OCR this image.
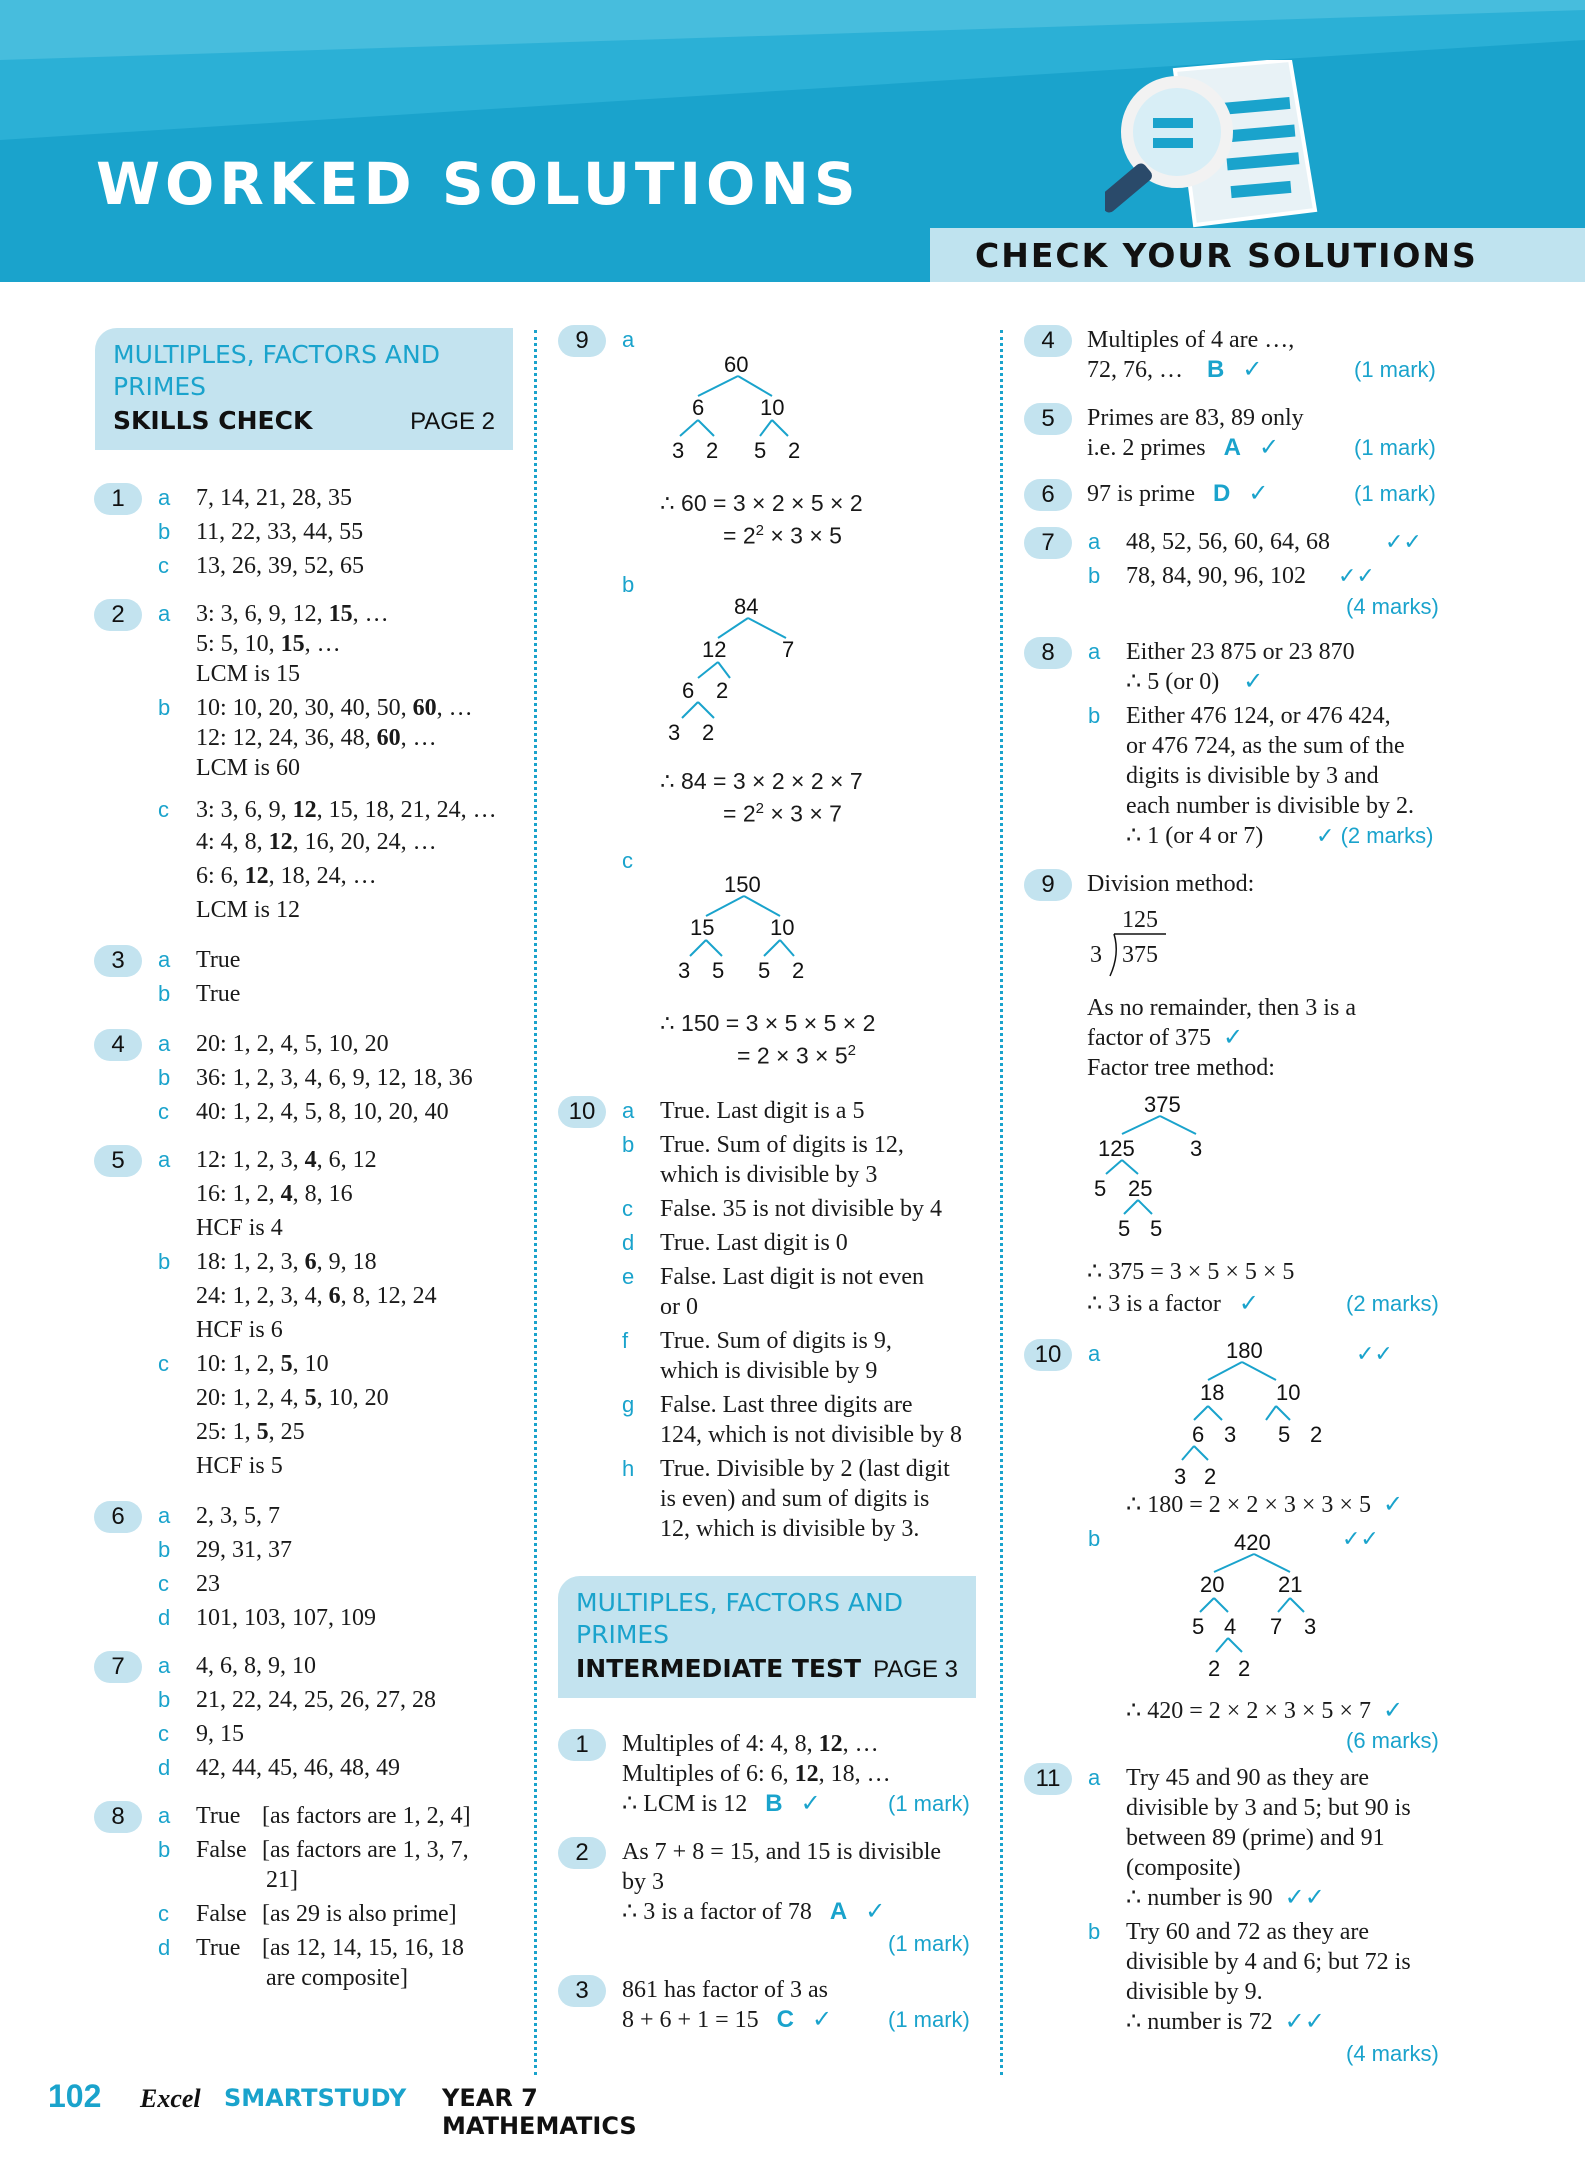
WORKED SOLUTIONS
CHECK YOUR SOLUTIONS
MULTIPLES, FACTORS AND
PRIMES
SKILLS CHECK	PAGE 2
1	a 7, 14, 21, 28, 35
b 11, 22, 33, 44, 55
c 13, 26, 39, 52, 65
2	a 3: 3, 6, 9, 12, 15, …
5: 5, 10, 15, …
LCM is 15
b 10: 10, 20, 30, 40, 50, 60, …
12: 12, 24, 36, 48, 60, …
LCM is 60
c 3: 3, 6, 9, 12, 15, 18, 21, 24, …
4: 4, 8, 12, 16, 20, 24, …
6: 6, 12, 18, 24, …
LCM is 12
3	a True
b True
4	a 20: 1, 2, 4, 5, 10, 20
b 36: 1, 2, 3, 4, 6, 9, 12, 18, 36
c 40: 1, 2, 4, 5, 8, 10, 20, 40
5	a 12: 1, 2, 3, 4, 6, 12
16: 1, 2, 4, 8, 16
HCF is 4
b 18: 1, 2, 3, 6, 9, 18
24: 1, 2, 3, 4, 6, 8, 12, 24
HCF is 6
c 10: 1, 2, 5, 10
20: 1, 2, 4, 5, 10, 20
25: 1, 5, 25
HCF is 5
6	a 2, 3, 5, 7
b 29, 31, 37
c 23
d 101, 103, 107, 109
7	a 4, 6, 8, 9, 10
b 21, 22, 24, 25, 26, 27, 28
c 9, 15
d 42, 44, 45, 46, 48, 49
8	a True [as factors are 1, 2, 4]
b False [as factors are 1, 3, 7,
21]
c False [as 29 is also prime]
d True [as 12, 14, 15, 16, 18
are composite]
9	a
60
6	10
3 2 5 2
∴ 60 = 3 × 2 × 5 × 2
= $2^2 \times 3 \times 5$
b
84
12	7
6 2
3 2
∴ 84 = 3 × 2 × 2 × 7
= $2^2 \times 3 \times 7$
c
150
15	10
3 5 5 2
∴ 150 = 3 × 5 × 5 × 2
= $2 \times 3 \times 5^2$
10	a True. Last digit is a 5
b True. Sum of digits is 12,
which is divisible by 3
c False. 35 is not divisible by 4
d True. Last digit is 0
e False. Last digit is not even
or 0
f True. Sum of digits is 9,
which is divisible by 9
g False. Last three digits are
124, which is not divisible by 8
h True. Divisible by 2 (last digit
is even) and sum of digits is
12, which is divisible by 3.
MULTIPLES, FACTORS AND
PRIMES
INTERMEDIATE TEST PAGE 3
1	Multiples of 4: 4, 8, 12, …
Multiples of 6: 6, 12, 18, …
∴ LCM is 12 B ✓	(1 mark)
2	As 7 + 8 = 15, and 15 is divisible
by 3
∴ 3 is a factor of 78 A ✓
(1 mark)
3	861 has factor of 3 as
8 + 6 + 1 = 15 C ✓	(1 mark)
4	Multiples of 4 are …,
72, 76, … B ✓	(1 mark)
5	Primes are 83, 89 only
i.e. 2 primes A ✓	(1 mark)
6	97 is prime D ✓	(1 mark)
7	a 48, 52, 56, 60, 64, 68	✓✓
b 78, 84, 90, 96, 102 ✓✓
(4 marks)
8	a Either 23 875 or 23 870
∴ 5 (or 0) ✓
b Either 476 124, or 476 424,
or 476 724, as the sum of the
digits is divisible by 3 and
each number is divisible by 2.
∴ 1 (or 4 or 7) ✓ (2 marks)
9	Division method:
125
3 375
As no remainder, then 3 is a
factor of 375 ✓
Factor tree method:
375
125	3
5 25
5 5
∴ 375 = 3 × 5 × 5 × 5
∴ 3 is a factor ✓	(2 marks)
10	a	✓✓
180
18 10
6 3 5 2
3 2
∴ 180 = 2 × 2 × 3 × 3 × 5 ✓
b	✓✓
420
20 21
5 4 7 3
2 2
∴ 420 = 2 × 2 × 3 × 5 × 7 ✓
(6 marks)
11	a Try 45 and 90 as they are
divisible by 3 and 5; but 90 is
between 89 (prime) and 91
(composite)
∴ number is 90 ✓✓
b Try 60 and 72 as they are
divisible by 4 and 6; but 72 is
divisible by 9.
∴ number is 72 ✓✓
(4 marks)
102 Excel SMARTSTUDY YEAR 7 MATHEMATICS
